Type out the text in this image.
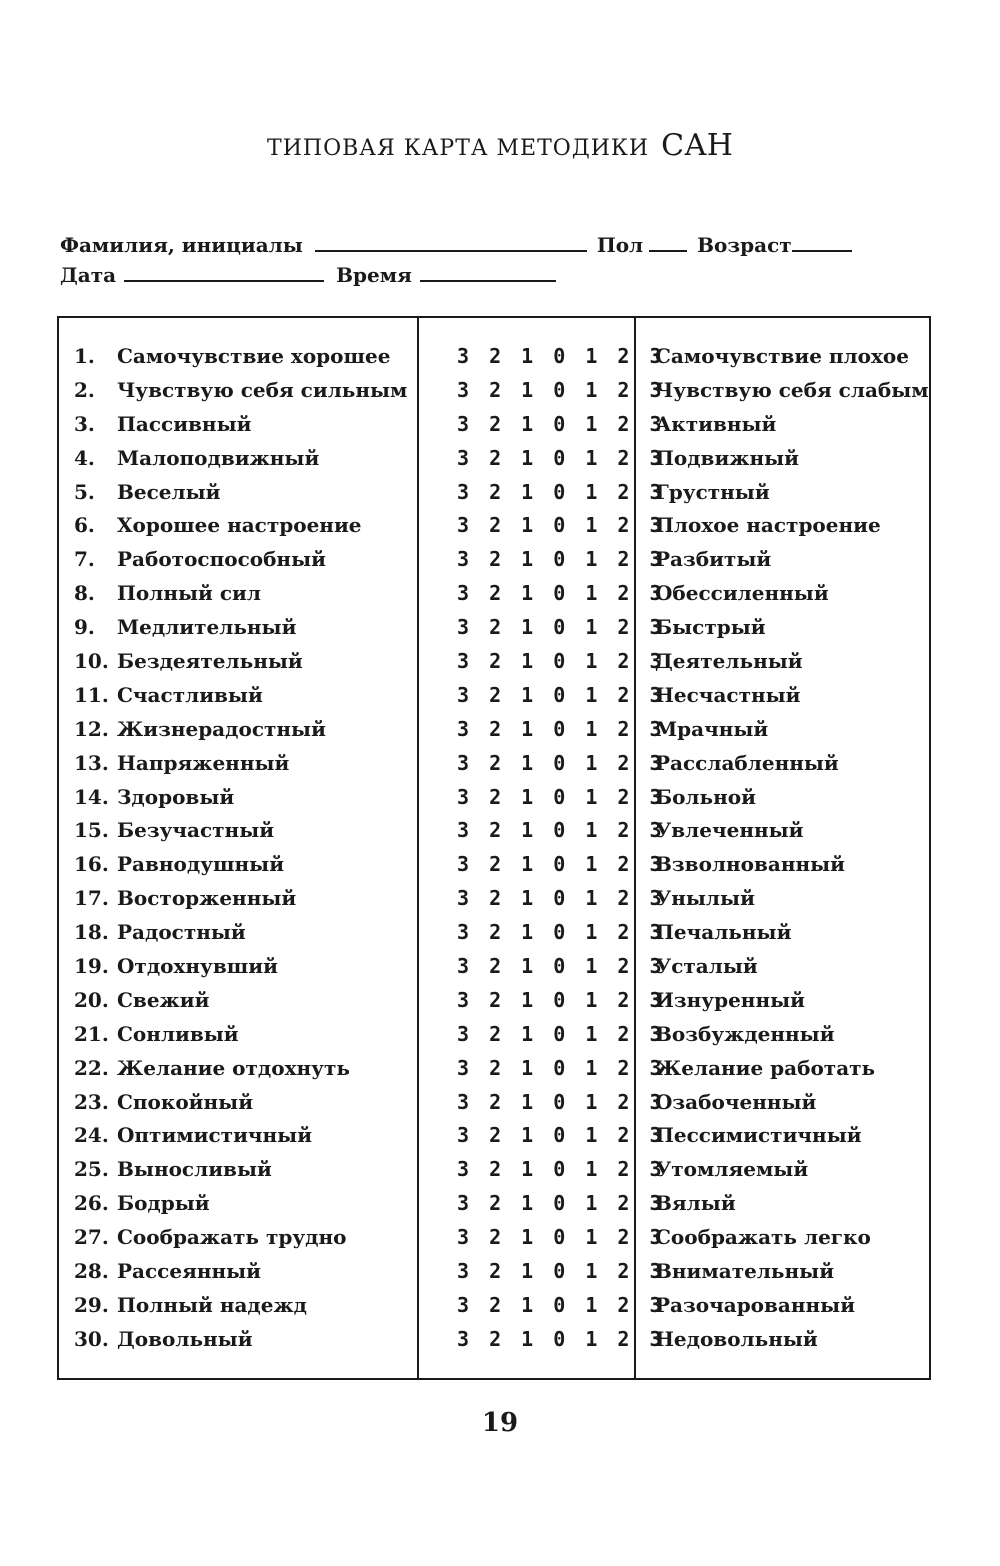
ТИПОВАЯ КАРТА МЕТОДИКИ САН
Фамилия, инициалы	Пол	Возраст
Дата	Время
1. Самочувствие хорошее	3 2 1 0 1 2 3
Самочувствие плохое
2. Чувствую себя сильным 3 2 1 0 1 2 3
Чувствую себя слабым
3. Пассивный	3 2 1 0 1 2 3
Активный
4. Малоподвижный	3 2 1 0 1 2 3
Подвижный
5. Веселый	3 2 1 0 1 2 3
Грустный
6. Хорошее настроение	3 2 1 0 1 2 3
Плохое настроение
7. Работоспособный	3 2 1 0 1 2 3
Разбитый
8. Полный сил	3 2 1 0 1 2 3
Обессиленный
9. Медлительный	3 2 1 0 1 2 3
Быстрый
10. Бездеятельный	3 2 1 0 1 2 3
Деятельный
11. Счастливый	3 2 1 0 1 2 3
Несчастный
12. Жизнерадостный	3 2 1 0 1 2 3
Мрачный
13. Напряженный	3 2 1 0 1 2 3
Расслабленный
14. Здоровый	3 2 1 0 1 2 3
Больной
15. Безучастный	3 2 1 0 1 2 3
Увлеченный
16. Равнодушный	3 2 1 0 1 2 3
Взволнованный
17. Восторженный	3 2 1 0 1 2 3
Унылый
18. Радостный	3 2 1 0 1 2 3
Печальный
19. Отдохнувший	3 2 1 0 1 2 3
Усталый
20. Свежий	3 2 1 0 1 2 3
Изнуренный
21. Сонливый	3 2 1 0 1 2 3
Возбужденный
22. Желание отдохнуть	3 2 1 0 1 2 3
Желание работать
23. Спокойный	3 2 1 0 1 2 3
Озабоченный
24. Оптимистичный	3 2 1 0 1 2 3
Пессимистичный
25. Выносливый	3 2 1 0 1 2 3
Утомляемый
26. Бодрый	3 2 1 0 1 2 3
Вялый
27. Соображать трудно	3 2 1 0 1 2 3
Соображать легко
28. Рассеянный	3 2 1 0 1 2 3
Внимательный
29. Полный надежд	3 2 1 0 1 2 3
Разочарованный
30. Довольный	3 2 1 0 1 2 3
Недовольный
19
